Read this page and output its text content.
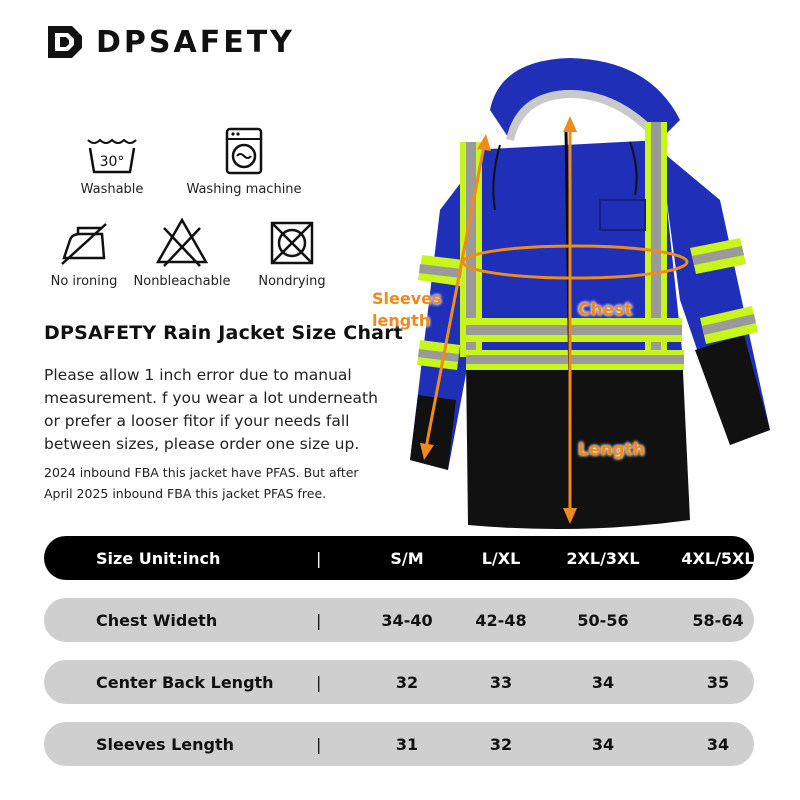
DPSAFETY
30°
Washable	Washing machine
No ironing	Nonbleachable	Nondrying
DPSAFETY Rain Jacket Size Chart
Please allow 1 inch error due to manual measurement. f you wear a lot underneath or prefer a looser fitor if your needs fall between sizes, please order one size up.
2024 inbound FBA this jacket have PFAS. But after April 2025 inbound FBA this jacket PFAS free.
Sleeves length
Chest
Length
Size Unit:inch	|	S/M	L/XL	2XL/3XL	4XL/5XL
Chest Wideth	|	34-40	42-48	50-56	58-64
Center Back Length	|	32	33	34	35
Sleeves Length	|	31	32	34	34
